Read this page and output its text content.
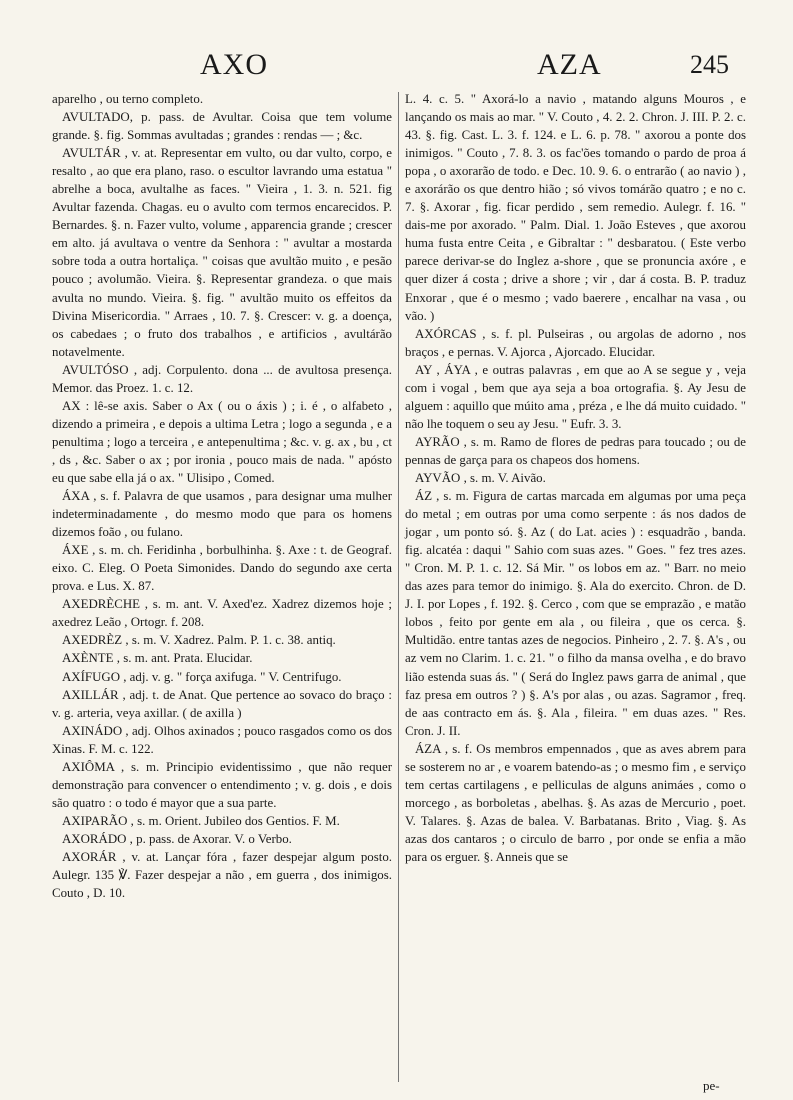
AXO	AZA	245

aparelho , ou terno completo.

AVULTADO, p. pass. de Avultar. Coisa que tem volume grande. §. fig. Sommas avultadas ; grandes : rendas — ; &c.

AVULTÁR , v. at. Representar em vulto, ou dar vulto, corpo, e resalto , ao que era plano, raso. o escultor lavrando uma estatua " abrelhe a boca, avultalhe as faces. " Vieira , 1. 3. n. 521. fig Avultar fazenda. Chagas. eu o avulto com termos encarecidos. P. Bernardes. §. n. Fazer vulto, volume , apparencia grande ; crescer em alto. já avultava o ventre da Senhora : " avultar a mostarda sobre toda a outra hortaliça. " coisas que avultão muito , e pesão pouco ; avolumão. Vieira. §. Representar grandeza. o que mais avulta no mundo. Vieira. §. fig. " avultão muito os effeitos da Divina Misericordia. " Arraes , 10. 7. §. Crescer: v. g. a doença, os cabedaes ; o fruto dos trabalhos , e artificios , avultárão notavelmente.

AVULTÓSO , adj. Corpulento. dona ... de avultosa presença. Memor. das Proez. 1. c. 12.

AX : lê-se axis. Saber o Ax ( ou o áxis ) ; i. é , o alfabeto , dizendo a primeira , e depois a ultima Letra ; logo a segunda , e a penultima ; logo a terceira , e antepenultima ; &c. v. g. ax , bu , ct , ds , &c. Saber o ax ; por ironia , pouco mais de nada. " apósto eu que sabe ella já o ax. " Ulisipo , Comed.

ÁXA , s. f. Palavra de que usamos , para designar uma mulher indeterminadamente , do mesmo modo que para os homens dizemos foão , ou fulano.

ÁXE , s. m. ch. Feridinha , borbulhinha. §. Axe : t. de Geograf. eixo. C. Eleg. O Poeta Simonides. Dando do segundo axe certa prova. e Lus. X. 87.

AXEDRÈCHE , s. m. ant. V. Axed'ez. Xadrez dizemos hoje ; axedrez Leão , Ortogr. f. 208.

AXEDRÈZ , s. m. V. Xadrez. Palm. P. 1. c. 38. antiq.

AXÈNTE , s. m. ant. Prata. Elucidar.

AXÍFUGO , adj. v. g. " força axifuga. " V. Centrifugo.

AXILLÁR , adj. t. de Anat. Que pertence ao sovaco do braço : v. g. arteria, veya axillar. ( de axilla )

AXINÁDO , adj. Olhos axinados ; pouco rasgados como os dos Xinas. F. M. c. 122.

AXIÔMA , s. m. Principio evidentissimo , que não requer demonstração para convencer o entendimento ; v. g. dois , e dois são quatro : o todo é mayor que a sua parte.

AXIPARÃO , s. m. Orient. Jubileo dos Gentios. F. M.

AXORÁDO , p. pass. de Axorar. V. o Verbo.

AXORÁR , v. at. Lançar fóra , fazer despejar algum posto. Aulegr. 135 ℣. Fazer despejar a não , em guerra , dos inimigos. Couto , D. 10.

L. 4. c. 5. " Axorá-lo a navio , matando alguns Mouros , e lançando os mais ao mar. " V. Couto , 4. 2. 2. Chron. J. III. P. 2. c. 43. §. fig. Cast. L. 3. f. 124. e L. 6. p. 78. " axorou a ponte dos inimigos. " Couto , 7. 8. 3. os fac'ões tomando o pardo de proa á popa , o axorarão de todo. e Dec. 10. 9. 6. o entrarão ( ao navio ) , e axorárão os que dentro hião ; só vivos tomárão quatro ; e no c. 7. §. Axorar , fig. ficar perdido , sem remedio. Aulegr. f. 16. " dais-me por axorado. " Palm. Dial. 1. João Esteves , que axorou huma fusta entre Ceita , e Gibraltar : " desbaratou. ( Este verbo parece derivar-se do Inglez a-shore , que se pronuncia axóre , e quer dizer á costa ; drive a shore ; vir , dar á costa. B. P. traduz Enxorar , que é o mesmo ; vado baerere , encalhar na vasa , ou vão. )

AXÓRCAS , s. f. pl. Pulseiras , ou argolas de adorno , nos braços , e pernas. V. Ajorca , Ajorcado. Elucidar.

AY , ÁYA , e outras palavras , em que ao A se segue y , veja com i vogal , bem que aya seja a boa ortografia. §. Ay Jesu de alguem : aquillo que múito ama , préza , e lhe dá muito cuidado. " não lhe toquem o seu ay Jesu. " Eufr. 3. 3.

AYRÃO , s. m. Ramo de flores de pedras para toucado ; ou de pennas de garça para os chapeos dos homens.

AYVÃO , s. m. V. Aivão.

ÁZ , s. m. Figura de cartas marcada em algumas por uma peça do metal ; em outras por uma como serpente : ás nos dados de jogar , um ponto só. §. Az ( do Lat. acies ) : esquadrão , banda. fig. alcatéa : daqui " Sahio com suas azes. " Goes. " fez tres azes. " Cron. M. P. 1. c. 12. Sá Mir. " os lobos em az. " Barr. no meio das azes para temor do inimigo. §. Ala do exercito. Chron. de D. J. I. por Lopes , f. 192. §. Cerco , com que se emprazão , e matão lobos , feito por gente em ala , ou fileira , que os cerca. §. Multidão. entre tantas azes de negocios. Pinheiro , 2. 7. §. A's , ou az vem no Clarim. 1. c. 21. " o filho da mansa ovelha , e do bravo lião estenda suas ás. " ( Será do Inglez paws garra de animal , que faz presa em outros ? ) §. A's por alas , ou azas. Sagramor , freq. de aas contracto em ás. §. Ala , fileira. " em duas azes. " Res. Cron. J. II.

ÁZA , s. f. Os membros empennados , que as aves abrem para se sosterem no ar , e voarem batendo-as ; o mesmo fim , e serviço tem certas cartilagens , e pelliculas de alguns animáes , como o morcego , as borboletas , abelhas. §. As azas de Mercurio , poet. V. Talares. §. Azas de balea. V. Barbatanas. Brito , Viag. §. As azas dos cantaros ; o circulo de barro , por onde se enfia a mão para os erguer. §. Anneis que se

pe-
